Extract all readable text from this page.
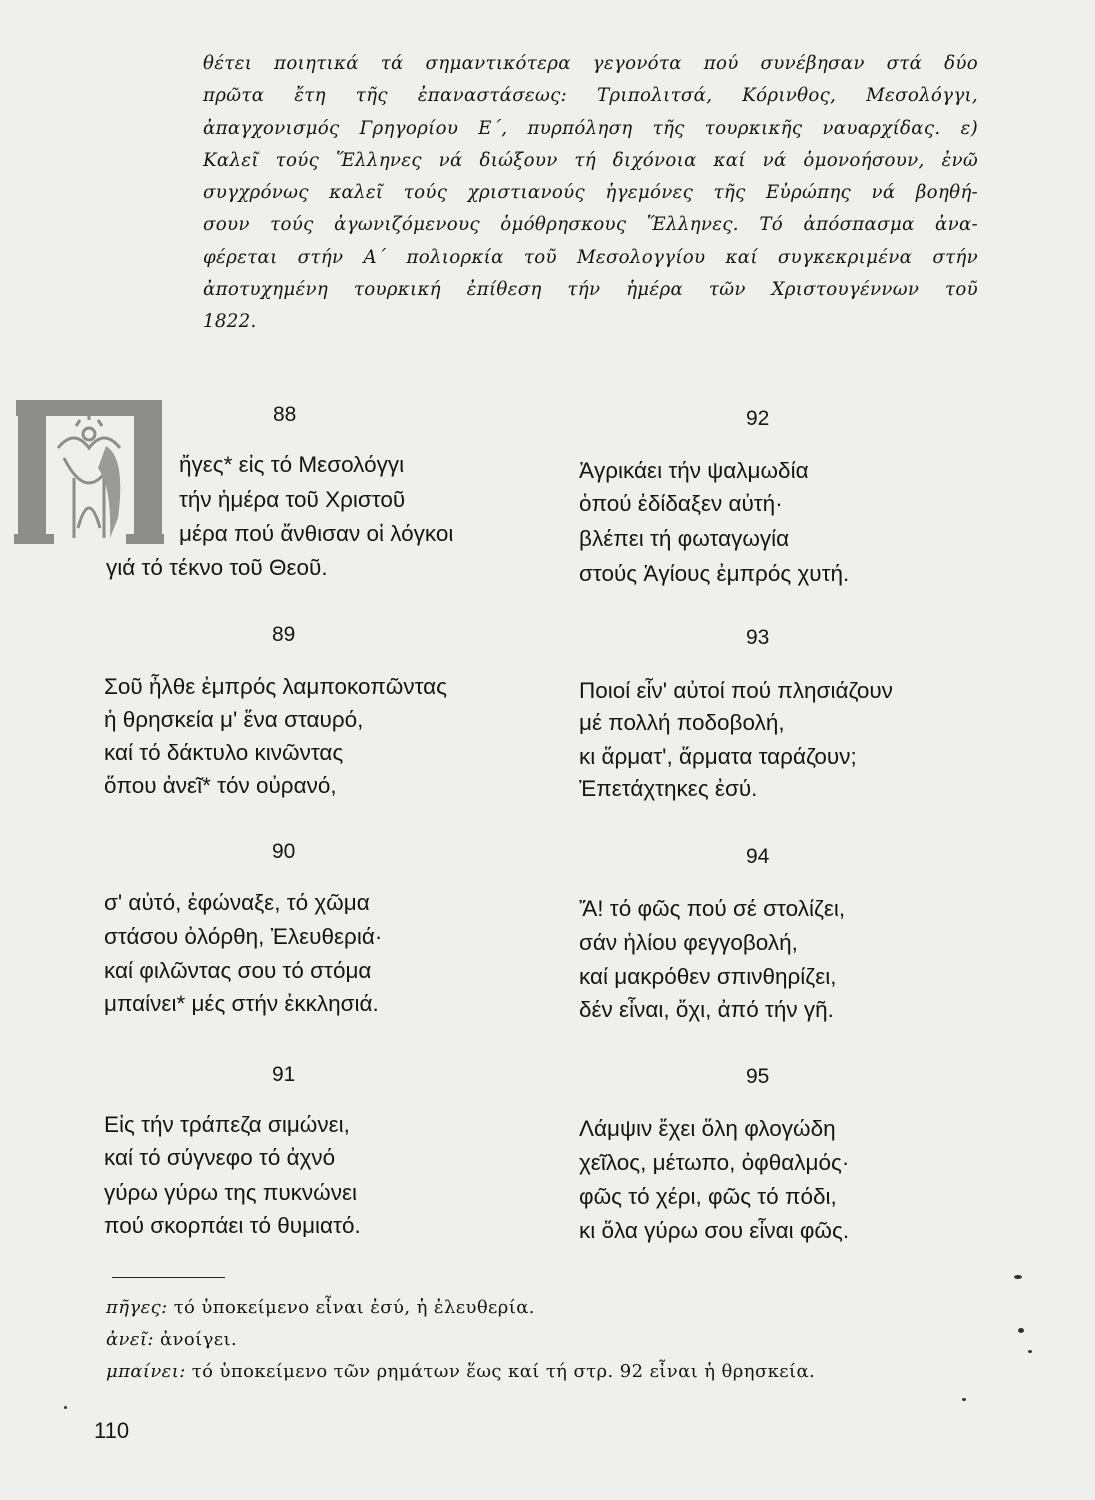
θέτει ποιητικά τά σημαντικότερα γεγονότα πού συνέβησαν στά δύο
πρῶτα ἔτη τῆς ἐπαναστάσεως: Τριπολιτσά, Κόρινθος, Μεσολόγγι,
ἀπαγχονισμός Γρηγορίου Ε΄, πυρπόληση τῆς τουρκικῆς ναυαρχίδας. ε)
Καλεῖ τούς Ἕλληνες νά διώξουν τή διχόνοια καί νά ὁμονοήσουν, ἐνῶ
συγχρόνως καλεῖ τούς χριστιανούς ἡγεμόνες τῆς Εὐρώπης νά βοηθή-
σουν τούς ἀγωνιζόμενους ὁμόθρησκους Ἕλληνες. Τό ἀπόσπασμα ἀνα-
φέρεται στήν Α΄ πολιορκία τοῦ Μεσολογγίου καί συγκεκριμένα στήν
ἀποτυχημένη τουρκική ἐπίθεση τήν ἡμέρα τῶν Χριστουγέννων τοῦ
1822.
88
ἤγες* εἰς τό Μεσολόγγι
τήν ἡμέρα τοῦ Χριστοῦ
μέρα πού ἄνθισαν οἱ λόγκοι
γιά τό τέκνο τοῦ Θεοῦ.
89
Σοῦ ἦλθε ἐμπρός λαμποκοπῶντας
ἡ θρησκεία μ' ἕνα σταυρό,
καί τό δάκτυλο κινῶντας
ὅπου ἀνεῖ* τόν οὐρανό,
90
σ' αὐτό, ἐφώναξε, τό χῶμα
στάσου ὀλόρθη, Ἐλευθεριά·
καί φιλῶντας σου τό στόμα
μπαίνει* μές στήν ἐκκλησιά.
91
Εἰς τήν τράπεζα σιμώνει,
καί τό σύγνεφο τό ἀχνό
γύρω γύρω της πυκνώνει
πού σκορπάει τό θυμιατό.
92
Ἀγρικάει τήν ψαλμωδία
ὁπού ἐδίδαξεν αὐτή·
βλέπει τή φωταγωγία
στούς Ἁγίους ἐμπρός χυτή.
93
Ποιοί εἶν' αὐτοί πού πλησιάζουν
μέ πολλή ποδοβολή,
κι ἅρματ', ἅρματα ταράζουν;
Ἐπετάχτηκες ἐσύ.
94
Ἄ! τό φῶς πού σέ στολίζει,
σάν ἡλίου φεγγοβολή,
καί μακρόθεν σπινθηρίζει,
δέν εἶναι, ὄχι, ἀπό τήν γῆ.
95
Λάμψιν ἔχει ὅλη φλογώδη
χεῖλος, μέτωπο, ὀφθαλμός·
φῶς τό χέρι, φῶς τό πόδι,
κι ὅλα γύρω σου εἶναι φῶς.
πῆγες: τό ὑποκείμενο εἶναι ἐσύ, ἡ ἐλευθερία.
ἀνεῖ: ἀνοίγει.
μπαίνει: τό ὑποκείμενο τῶν ρημάτων ἕως καί τή στρ. 92 εἶναι ἡ θρησκεία.
110
